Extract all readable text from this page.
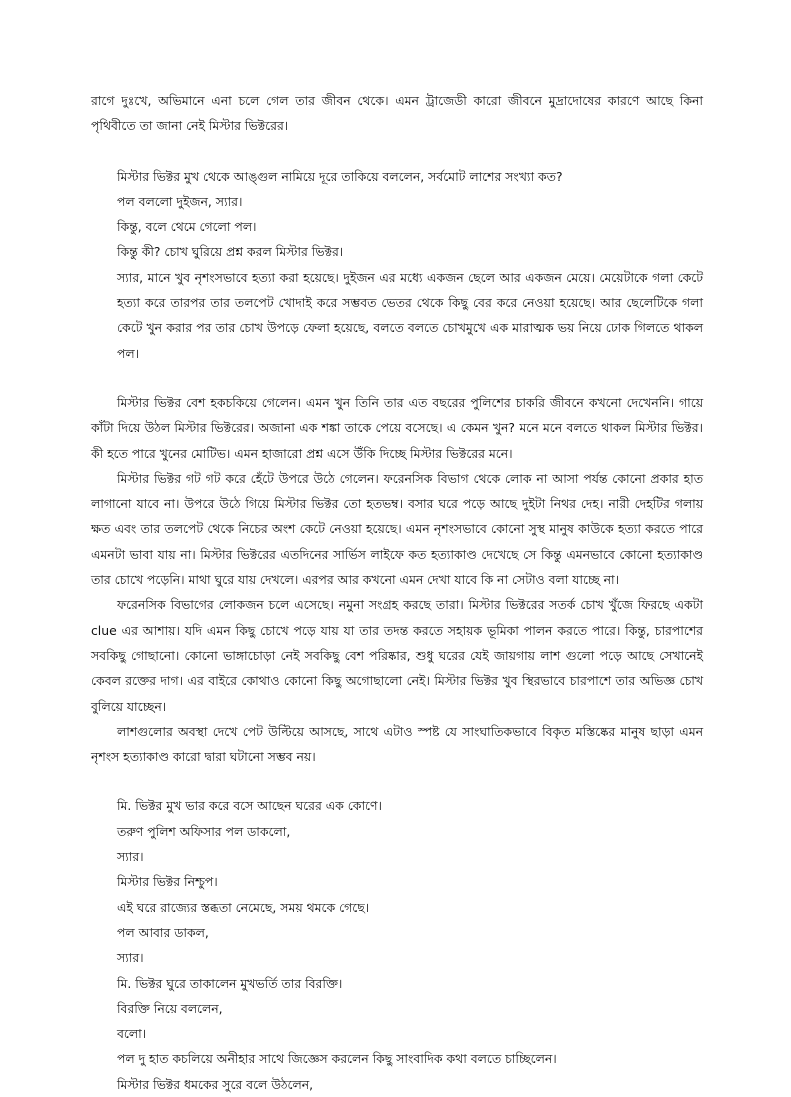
রাগে দুঃখে, অভিমানে এনা চলে গেল তার জীবন থেকে। এমন ট্রাজেডী কারো জীবনে মুদ্রাদোষের কারণে আছে কিনা পৃথিবীতে তা জানা নেই মিস্টার ভিক্টরের।

মিস্টার ভিক্টর মুখ থেকে আঙ্গুল নামিয়ে দূরে তাকিয়ে বললেন, সর্বমোট লাশের সংখ্যা কত?

পল বললো দুইজন, স্যার।

কিন্তু, বলে থেমে গেলো পল।

কিন্তু কী? চোখ ঘুরিয়ে প্রশ্ন করল মিস্টার ভিক্টর।

স্যার, মানে খুব নৃশংসভাবে হত্যা করা হয়েছে। দুইজন এর মধ্যে একজন ছেলে আর একজন মেয়ে। মেয়েটাকে গলা কেটে হত্যা করে তারপর তার তলপেট খোদাই করে সম্ভবত ভেতর থেকে কিছু বের করে নেওয়া হয়েছে। আর ছেলেটিকে গলা কেটে খুন করার পর তার চোখ উপড়ে ফেলা হয়েছে, বলতে বলতে চোখমুখে এক মারাত্মক ভয় নিয়ে ঢোক গিলতে থাকল পল।

মিস্টার ভিক্টর বেশ হকচকিয়ে গেলেন। এমন খুন তিনি তার এত বছরের পুলিশের চাকরি জীবনে কখনো দেখেননি। গায়ে কাঁটা দিয়ে উঠল মিস্টার ভিক্টরের। অজানা এক শঙ্কা তাকে পেয়ে বসেছে। এ কেমন খুন? মনে মনে বলতে থাকল মিস্টার ভিক্টর। কী হতে পারে খুনের মোটিভ। এমন হাজারো প্রশ্ন এসে উঁকি দিচ্ছে মিস্টার ভিক্টরের মনে।

মিস্টার ভিক্টর গট গট করে হেঁটে উপরে উঠে গেলেন। ফরেনসিক বিভাগ থেকে লোক না আসা পর্যন্ত কোনো প্রকার হাত লাগানো যাবে না। উপরে উঠে গিয়ে মিস্টার ভিক্টর তো হতভম্ব। বসার ঘরে পড়ে আছে দুইটা নিথর দেহ। নারী দেহটির গলায় ক্ষত এবং তার তলপেট থেকে নিচের অংশ কেটে নেওয়া হয়েছে। এমন নৃশংসভাবে কোনো সুস্থ মানুষ কাউকে হত্যা করতে পারে এমনটা ভাবা যায় না। মিস্টার ভিক্টরের এতদিনের সার্ভিস লাইফে কত হত্যাকাণ্ড দেখেছে সে কিন্তু এমনভাবে কোনো হত্যাকাণ্ড তার চোখে পড়েনি। মাথা ঘুরে যায় দেখলে। এরপর আর কখনো এমন দেখা যাবে কি না সেটাও বলা যাচ্ছে না।

ফরেনসিক বিভাগের লোকজন চলে এসেছে। নমুনা সংগ্রহ করছে তারা। মিস্টার ভিক্টরের সতর্ক চোখ খুঁজে ফিরছে একটা clue এর আশায়। যদি এমন কিছু চোখে পড়ে যায় যা তার তদন্ত করতে সহায়ক ভূমিকা পালন করতে পারে। কিন্তু, চারপাশের সবকিছু গোছানো। কোনো ভাঙ্গাচোড়া নেই সবকিছু বেশ পরিষ্কার, শুধু ঘরের যেই জায়গায় লাশ গুলো পড়ে আছে সেখানেই কেবল রক্তের দাগ। এর বাইরে কোথাও কোনো কিছু অগোছালো নেই। মিস্টার ভিক্টর খুব স্থিরভাবে চারপাশে তার অভিজ্ঞ চোখ বুলিয়ে যাচ্ছেন।

লাশগুলোর অবস্থা দেখে পেট উল্টিয়ে আসছে, সাথে এটাও স্পষ্ট যে সাংঘাতিকভাবে বিকৃত মস্তিষ্কের মানুষ ছাড়া এমন নৃশংস হত্যাকাণ্ড কারো দ্বারা ঘটানো সম্ভব নয়।

মি. ভিক্টর মুখ ভার করে বসে আছেন ঘরের এক কোণে।

তরুণ পুলিশ অফিসার পল ডাকলো,

স্যার।

মিস্টার ভিক্টর নিশ্চুপ।

এই ঘরে রাজ্যের স্তব্ধতা নেমেছে, সময় থমকে গেছে।

পল আবার ডাকল,

স্যার।

মি. ভিক্টর ঘুরে তাকালেন মুখভর্তি তার বিরক্তি।

বিরক্তি নিয়ে বললেন,

বলো।

পল দু হাত কচলিয়ে অনীহার সাথে জিজ্ঞেস করলেন কিছু সাংবাদিক কথা বলতে চাচ্ছিলেন।

মিস্টার ভিক্টর ধমকের সুরে বলে উঠলেন,
